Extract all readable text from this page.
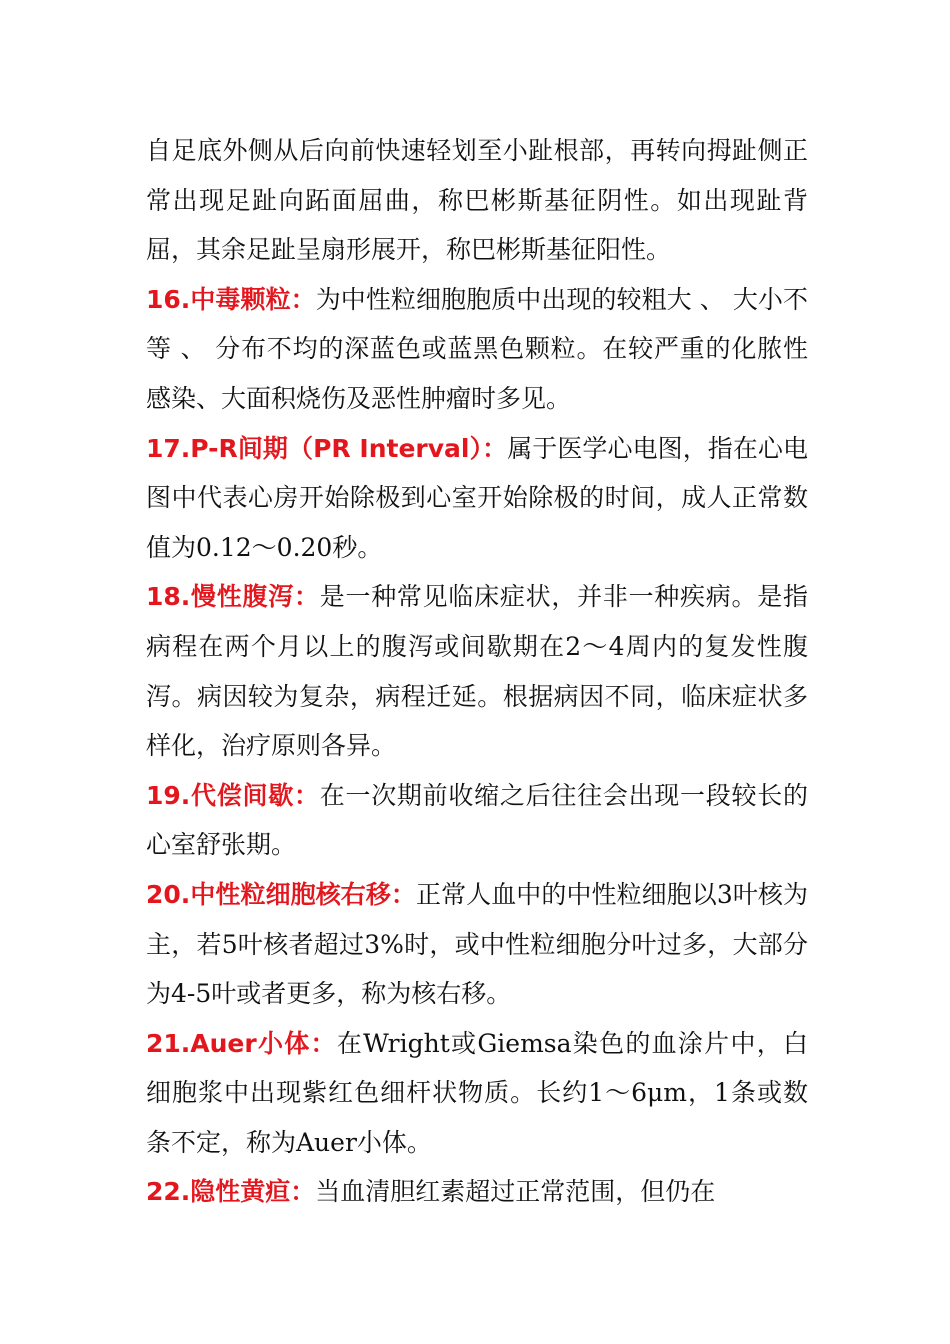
自足底外侧从后向前快速轻划至小趾根部，再转向拇趾侧正常出现足趾向跖面屈曲，称巴彬斯基征阴性。如出现趾背屈，其余足趾呈扇形展开，称巴彬斯基征阳性。

16.中毒颗粒：为中性粒细胞胞质中出现的较粗大 、 大小不等 、 分布不均的深蓝色或蓝黑色颗粒。在较严重的化脓性感染、大面积烧伤及恶性肿瘤时多见。

17.P-R间期（PR Interval）：属于医学心电图，指在心电图中代表心房开始除极到心室开始除极的时间，成人正常数值为0.12～0.20秒。

18.慢性腹泻：是一种常见临床症状，并非一种疾病。是指病程在两个月以上的腹泻或间歇期在2～4周内的复发性腹泻。病因较为复杂，病程迁延。根据病因不同，临床症状多样化，治疗原则各异。

19.代偿间歇：在一次期前收缩之后往往会出现一段较长的心室舒张期。

20.中性粒细胞核右移：正常人血中的中性粒细胞以3叶核为主，若5叶核者超过3%时，或中性粒细胞分叶过多，大部分为4-5叶或者更多，称为核右移。

21.Auer小体：在Wright或Giemsa染色的血涂片中，白细胞浆中出现紫红色细杆状物质。长约1～6μm，1条或数条不定，称为Auer小体。

22.隐性黄疸：当血清胆红素超过正常范围，但仍在
